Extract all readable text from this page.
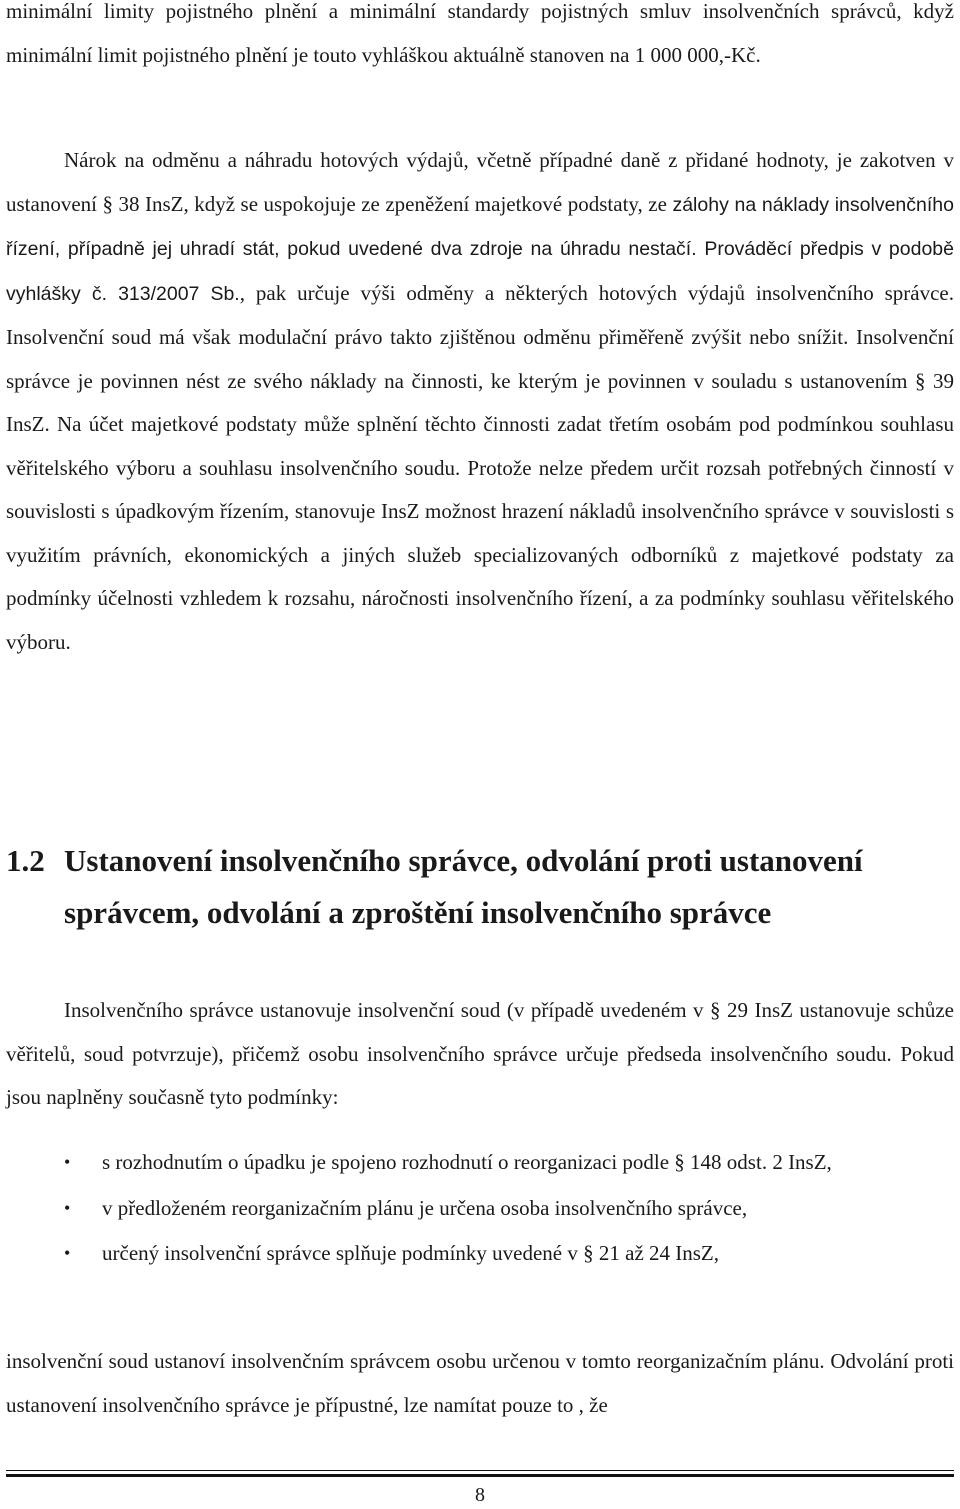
minimální limity pojistného plnění a minimální standardy pojistných smluv insolvenčních správců, když minimální limit pojistného plnění je touto vyhláškou aktuálně stanoven na 1 000 000,-Kč.

Nárok na odměnu a náhradu hotových výdajů, včetně případné daně z přidané hodnoty, je zakotven v ustanovení § 38 InsZ, když se uspokojuje ze zpeněžení majetkové podstaty, ze zálohy na náklady insolvenčního řízení, případně jej uhradí stát, pokud uvedené dva zdroje na úhradu nestačí. Prováděcí předpis v podobě vyhlášky č. 313/2007 Sb., pak určuje výši odměny a některých hotových výdajů insolvenčního správce. Insolvenční soud má však modulační právo takto zjištěnou odměnu přiměřeně zvýšit nebo snížit. Insolvenční správce je povinnen nést ze svého náklady na činnosti, ke kterým je povinnen v souladu s ustanovením § 39 InsZ. Na účet majetkové podstaty může splnění těchto činnosti zadat třetím osobám pod podmínkou souhlasu věřitelského výboru a souhlasu insolvenčního soudu. Protože nelze předem určit rozsah potřebných činností v souvislosti s úpadkovým řízením, stanovuje InsZ možnost hrazení nákladů insolvenčního správce v souvislosti s využitím právních, ekonomických a jiných služeb specializovaných odborníků z majetkové podstaty za podmínky účelnosti vzhledem k rozsahu, náročnosti insolvenčního řízení, a za podmínky souhlasu věřitelského výboru.

1.2 Ustanovení insolvenčního správce, odvolání proti ustanovení
správcem, odvolání a zproštění insolvenčního správce

Insolvenčního správce ustanovuje insolvenční soud (v případě uvedeném v § 29 InsZ ustanovuje schůze věřitelů, soud potvrzuje), přičemž osobu insolvenčního správce určuje předseda insolvenčního soudu. Pokud jsou naplněny současně tyto podmínky:

• s rozhodnutím o úpadku je spojeno rozhodnutí o reorganizaci podle § 148 odst. 2 InsZ,
• v předloženém reorganizačním plánu je určena osoba insolvenčního správce,
• určený insolvenční správce splňuje podmínky uvedené v § 21 až 24 InsZ,

insolvenční soud ustanoví insolvenčním správcem osobu určenou v tomto reorganizačním plánu. Odvolání proti ustanovení insolvenčního správce je přípustné, lze namítat pouze to , že

8
